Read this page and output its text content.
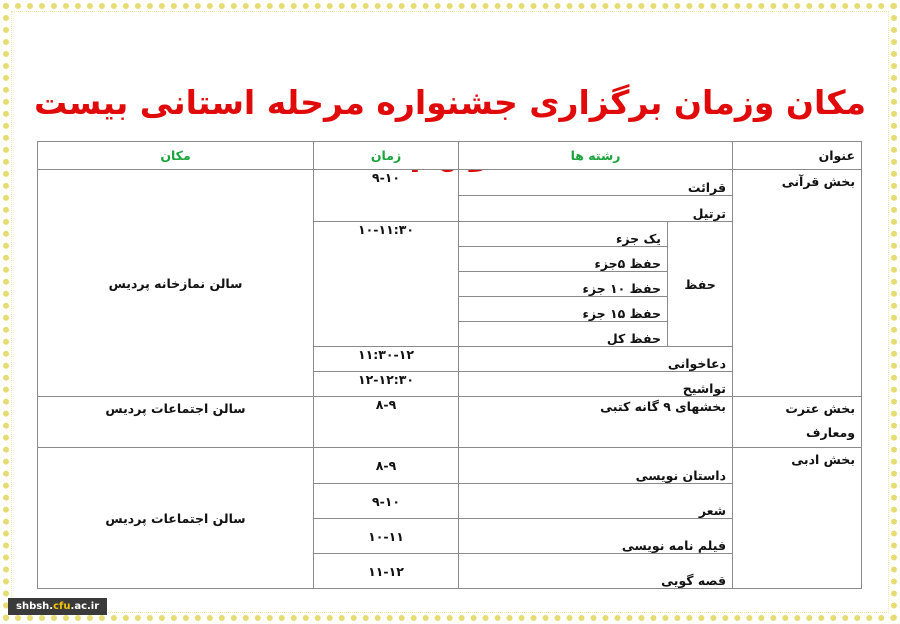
مکان وزمان برگزاری جشنواره مرحله استانی بیست
عنوان	رشته ها		زمان	مکان
بخش قرآنی	قرائت		۹-۱۰	سالن نمازخانه پردیس
	ترتیل			
	حفظ	یک جزء	۱۰-۱۱:۳۰	
		حفظ ۵جزء		
		حفظ ۱۰ جزء		
		حفظ ۱۵ جزء		
		حفظ کل		
	دعاخوانی		۱۱:۳۰-۱۲	
	تواشیح		۱۲-۱۲:۳۰	
بخش عترت ومعارف	بخشهای ۹ گانه کتبی		۸-۹	سالن اجتماعات پردیس
بخش ادبی	داستان نویسی		۸-۹	سالن اجتماعات پردیس
	شعر		۹-۱۰	
	فیلم نامه نویسی		۱۰-۱۱	
	قصه گویی		۱۱-۱۲	
shbsh.cfu.ac.ir
